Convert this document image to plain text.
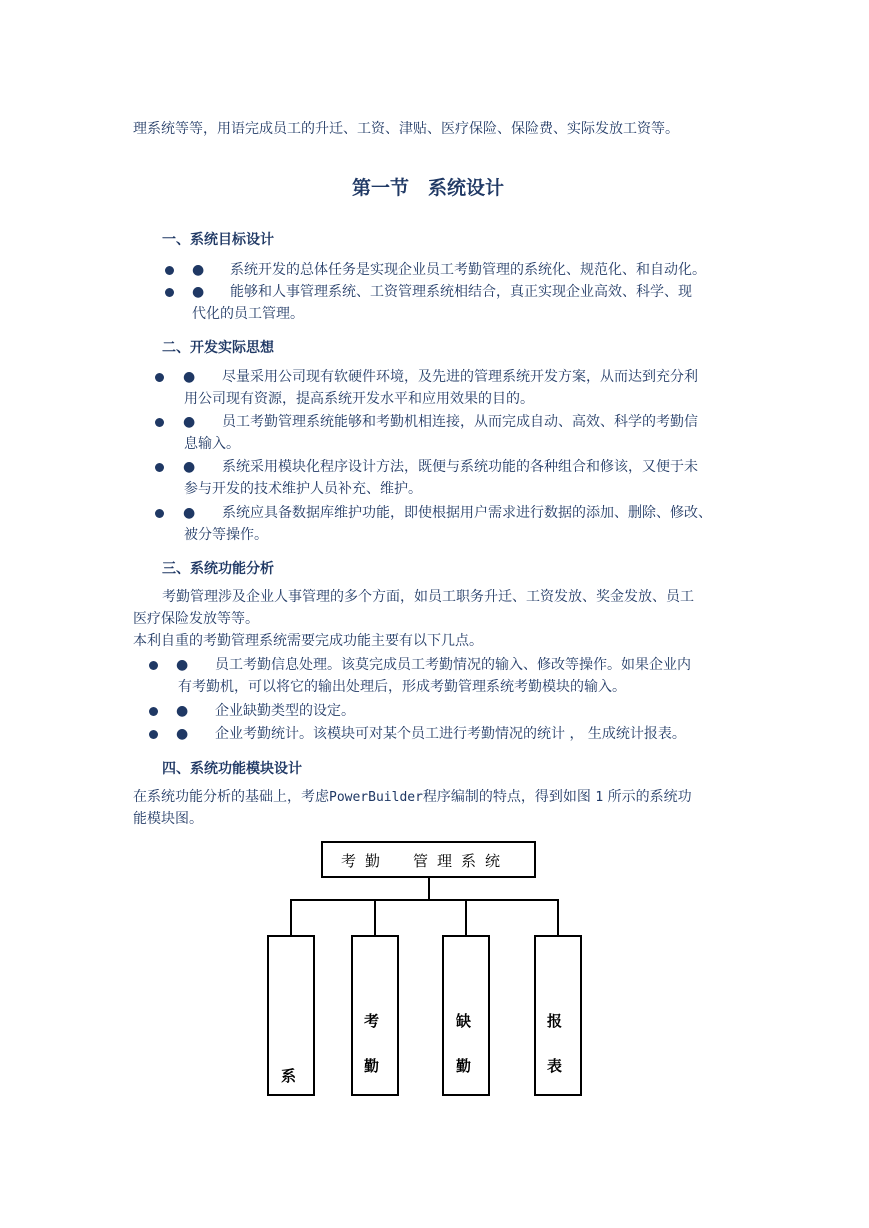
理系统等等，用语完成员工的升迁、工资、津贴、医疗保险、保险费、实际发放工资等。
第一节　系统设计
一、系统目标设计
● 系统开发的总体任务是实现企业员工考勤管理的系统化、规范化、和自动化。
● 能够和人事管理系统、工资管理系统相结合，真正实现企业高效、科学、现
代化的员工管理。
二、开发实际思想
● 尽量采用公司现有软硬件环境，及先进的管理系统开发方案，从而达到充分利
用公司现有资源，提高系统开发水平和应用效果的目的。
● 员工考勤管理系统能够和考勤机相连接，从而完成自动、高效、科学的考勤信
息输入。
● 系统采用模块化程序设计方法，既便与系统功能的各种组合和修该，又便于未
参与开发的技术维护人员补充、维护。
● 系统应具备数据库维护功能，即使根据用户需求进行数据的添加、删除、修改、
被分等操作。
三、系统功能分析
考勤管理涉及企业人事管理的多个方面，如员工职务升迁、工资发放、奖金发放、员工
医疗保险发放等等。
本利自重的考勤管理系统需要完成功能主要有以下几点。
● 员工考勤信息处理。该莫完成员工考勤情况的输入、修改等操作。如果企业内
有考勤机，可以将它的输出处理后，形成考勤管理系统考勤模块的输入。
● 企业缺勤类型的设定。
● 企业考勤统计。该模块可对某个员工进行考勤情况的统计 ， 生成统计报表。
四、系统功能模块设计
在系统功能分析的基础上，考虑PowerBuilder程序编制的特点，得到如图 1 所示的系统功
能模块图。
考勤　管理系统
系
考
勤
缺
勤
报
表
